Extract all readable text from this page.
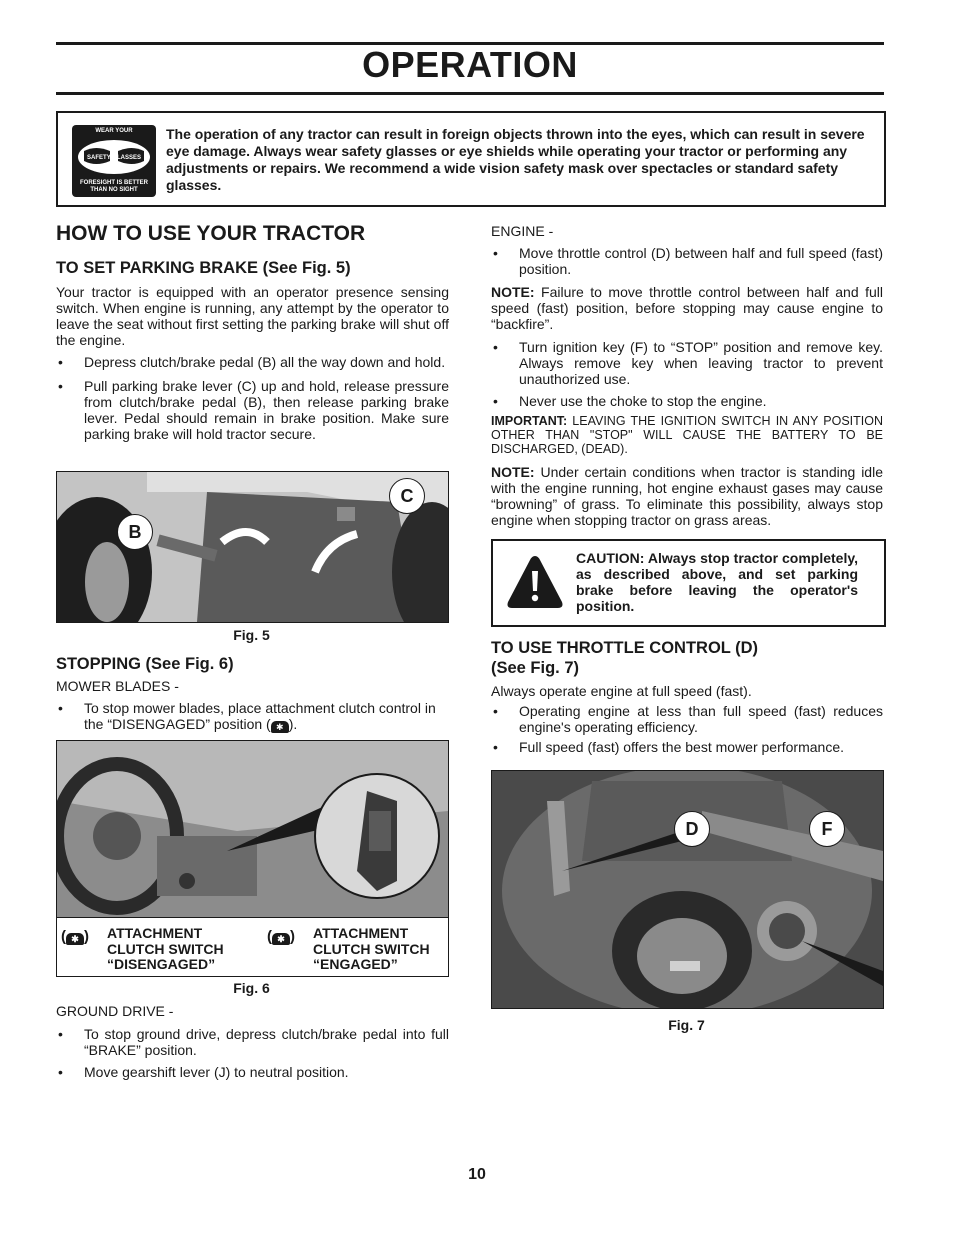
OPERATION
WEAR YOUR
SAFETY GLASSES
FORESIGHT IS BETTER THAN NO SIGHT
The operation of any tractor can result in foreign objects thrown into the eyes, which can result in severe eye damage. Always wear safety glasses or eye shields while operating your tractor or performing any adjustments or repairs. We recommend a wide vision safety mask over spectacles or standard safety glasses.
HOW TO USE YOUR TRACTOR
TO SET PARKING BRAKE (See Fig. 5)
Your tractor is equipped with an operator presence sensing switch. When engine is running, any attempt by the operator to leave the seat without first setting the parking brake will shut off the engine.
• Depress clutch/brake pedal (B) all the way down and hold.
• Pull parking brake lever (C) up and hold, release pressure from clutch/brake pedal (B), then release parking brake lever. Pedal should remain in brake position. Make sure parking brake will hold tractor secure.
B
C
Fig. 5
STOPPING (See Fig. 6)
MOWER BLADES -
• To stop mower blades, place attachment clutch control in the “DISENGAGED” position ( ✱ ).
( ✱ ) ATTACHMENT CLUTCH SWITCH “DISENGAGED”
( ✱ ) ATTACHMENT CLUTCH SWITCH “ENGAGED”
Fig. 6
GROUND DRIVE -
• To stop ground drive, depress clutch/brake pedal into full “BRAKE” position.
• Move gearshift lever (J) to neutral position.
ENGINE -
• Move throttle control (D) between half and full speed (fast) position.
NOTE: Failure to move throttle control between half and full speed (fast) position, before stopping may cause engine to “backfire”.
• Turn ignition key (F) to “STOP” position and remove key. Always remove key when leaving tractor to prevent unauthorized use.
• Never use the choke to stop the engine.
IMPORTANT: LEAVING THE IGNITION SWITCH IN ANY POSITION OTHER THAN "STOP" WILL CAUSE THE BATTERY TO BE DISCHARGED, (DEAD).
NOTE: Under certain conditions when tractor is standing idle with the engine running, hot engine exhaust gases may cause “browning” of grass. To eliminate this possibility, always stop engine when stopping tractor on grass areas.
CAUTION: Always stop tractor completely, as described above, and set parking brake before leaving the operator's position.
TO USE THROTTLE CONTROL (D)
(See Fig. 7)
Always operate engine at full speed (fast).
• Operating engine at less than full speed (fast) reduces engine's operating efficiency.
• Full speed (fast) offers the best mower performance.
D	F
Fig. 7
10
